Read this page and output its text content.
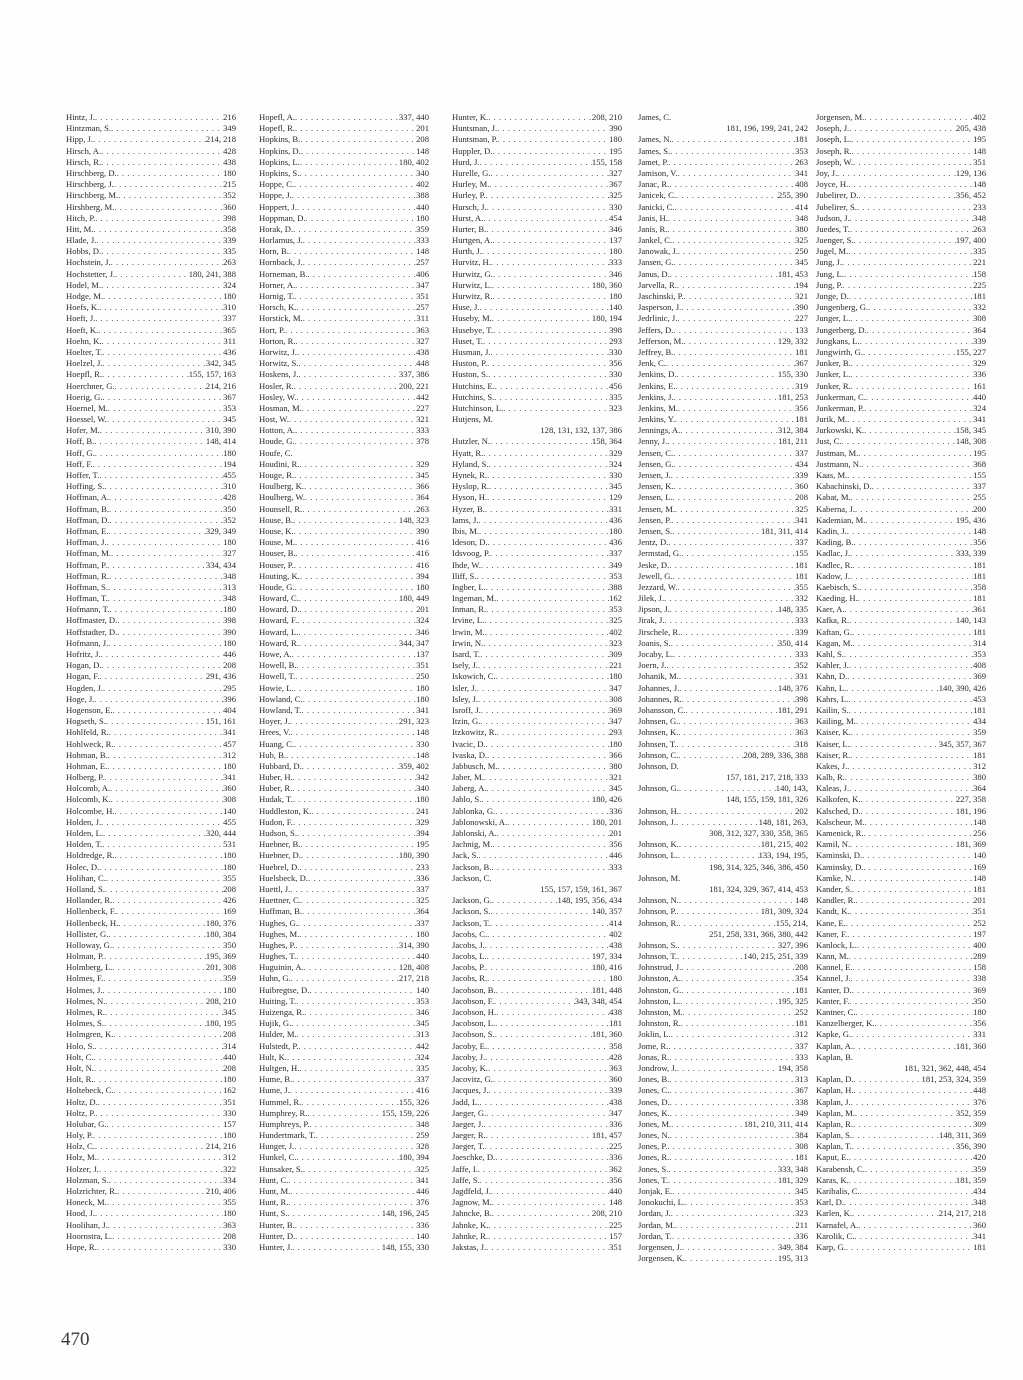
Hintz, J. . . .	216
Hintzman, S. . . .	349
Hipp, J. . . .	214, 218
Hirsch, A. . . .	428
Hirsch, R. . . .	438
Hirschberg, D. . . .	180
Hirschberg, J. . . .	215
Hirschberg, M. . . .	352
Hirshberg, M. . . .	360
Hitch, P. . . .	398
Hitt, M. . . .	358
Hlade, J. . . .	339
Hobbs, D. . . .	335
Hochstein, J. . . .	263
Hochstetter, J. . . .	180, 241, 388
Hodel, M. . . .	324
Hodge, M. . . .	180
Hoefs, K. . . .	310
Hoeft, J. . . .	337
Hoeft, K. . . .	365
Hoehn, K. . . .	311
Hoelter, T. . . .	436
Hoelzel, J. . . .	342, 345
Hoepfl, R. . . .	155, 157, 163
Hoerchner, G. . . .	214, 216
Hoerig, G. . . .	367
Hoernel, M. . . .	353
Hoessel, W. . . .	345
Hofer, M. . . .	310, 390
Hoff, B. . . .	148, 414
Hoff, G. . . .	180
Hoff, F. . . .	194
Hoffer, T. . . .	455
Hoffing, S. . . .	310
Hoffman, A. . . .	428
Hoffman, B. . . .	350
Hoffman, D. . . .	352
Hoffman, E. . . .	329, 349
Hoffman, J. . . .	180
Hoffman, M. . . .	327
Hoffman, P. . . .	334, 434
Hoffman, R. . . .	348
Hoffman, S. . . .	313
Hoffman, T. . . .	348
Hofmann, T. . . .	180
Hoffmaster, D. . . .	398
Hoffstadter, D. . . .	390
Hofmann, J. . . .	180
Hofritz, J. . . .	446
Hogan, D. . . .	208
Hogan, F. . . .	291, 436
Hogden, J. . . .	295
Hoge, J. . . .	396
Hogenson, E. . . .	404
Hogseth, S. . . .	151, 161
Hohlfeld, R. . . .	341
Hohlweck, R. . . .	457
Hohman, B. . . .	312
Hohman, E. . . .	180
Holberg, P. . . .	341
Holcomb, A. . . .	360
Holcomb, K. . . .	308
Holcombe, H. . . .	140
Holden, J. . . .	455
Holden, L. . . .	320, 444
Holden, T. . . .	531
Holdredge, R. . . .	180
Holec, D. . . .	180
Holihan, C. . . .	355
Holland, S. . . .	208
Hollander, R. . . .	426
Hollenbeck, F. . . .	169
Hollenbeck, H. . . .	180, 376
Hollister, G. . . .	180, 384
Holloway, G. . . .	350
Holman, P. . . .	195, 369
Holmberg, L. . . .	201, 308
Holmes, F. . . .	359
Holmes, J. . . .	180
Holmes, N. . . .	208, 210
Holmes, R. . . .	345
Holmes, S. . . .	180, 195
Holmgren, K. . . .	208
Holo, S. . . .	314
Holt, C. . . .	440
Holt, N. . . .	208
Holt, R. . . .	180
Holtebeck, C. . . .	162
Holtz, D. . . .	351
Holtz, P. . . .	330
Holubar, G. . . .	157
Holy, P. . . .	180
Holz, C. . . .	214, 216
Holz, M. . . .	312
Holzer, J. . . .	322
Holzman, S. . . .	334
Holzrichter, R. . . .	210, 406
Honeck, M. . . .	355
Hood, J. . . .	180
Hoolihan, J. . . .	363
Hoornstra, L. . . .	208
Hope, R. . . .	330
Hopefl, A. . . .	337, 440
Hopefl, R. . . .	201
Hopkins, B. . . .	208
Hopkins, D. . . .	148
Hopkins, L. . . .	180, 402
Hopkins, S. . . .	340
Hoppe, C. . . .	402
Hoppe, J. . . .	388
Hoppert, J. . . .	440
Hoppman, D. . . .	180
Horak, D. . . .	359
Horlamus, J. . . .	333
Horn, B. . . .	148
Hornback, J. . . .	257
Horneman, B. . . .	406
Horner, A. . . .	347
Hornig, T. . . .	351
Horsch, K. . . .	257
Horstick, M. . . .	311
Hort, P. . . .	363
Horton, R. . . .	327
Horwitz, J. . . .	438
Horwitz, S. . . .	448
Hoskens, J. . . .	337, 386
Hosler, R. . . .	200, 221
Hosley, W. . . .	442
Hosman, M. . . .	227
Host, W. . . .	321
Hotton, A. . . .	333
Houde, G. . . .	378
Houfe, C.
Houdini, R. . . .	329
Houge, R. . . .	345
Houlberg, K. . . .	366
Houlberg, W. . . .	364
Hounsell, R. . . .	263
House, B. . . .	148, 323
House, K. . . .	390
House, M. . . .	416
Houser, B. . . .	416
Houser, P. . . .	416
Houting, K. . . .	394
Houde, G. . . .	180
Howard, C. . . .	180, 449
Howard, D. . . .	201
Howard, F. . . .	324
Howard, L. . . .	346
Howard, R. . . .	344, 347
Howe, A. . . .	137
Howell, B. . . .	351
Howell, T. . . .	250
Howie, L. . . .	180
Howland, C. . . .	180
Howland, T. . . .	341
Hoyer, J. . . .	291, 323
Hrees, V. . . .	148
Huang, C. . . .	330
Hub, B. . . .	148
Hubbard, D. . . .	359, 402
Huber, H. . . .	342
Huber, R. . . .	340
Hudak, T. . . .	180
Huddleston, K. . . .	241
Hudon, F. . . .	329
Hudson, S. . . .	394
Huebner, B. . . .	195
Huebner, D. . . .	180, 390
Huebrel, D. . . .	233
Huelsbeck, D. . . .	336
Huettl, J. . . .	337
Huettner, C. . . .	325
Huffman, B. . . .	364
Hughes, G. . . .	337
Hughes, M. . . .	180
Hughes, P. . . .	314, 390
Hughes, T. . . .	440
Huguinin, A. . . .	128, 408
Huhn, G. . . .	217, 218
Huibregtse, D. . . .	140
Huiting, T. . . .	353
Huizenga, R. . . .	346
Hujik, G. . . .	345
Hulder, M. . . .	313
Hulstedt, P. . . .	442
Hult, K. . . .	324
Hultgen, H. . . .	335
Hume, B. . . .	337
Hume, J. . . .	416
Hummel, R. . . .	155, 326
Humphrey, R. . . .	155, 159, 226
Humphreys, P. . . .	348
Hundertmark, T. . . .	259
Hunger, J. . . .	328
Hunkel, C. . . .	180, 394
Hunsaker, S. . . .	325
Hunt, C. . . .	341
Hunt, M. . . .	446
Hunt, R. . . .	376
Hunt, S. . . .	148, 196, 245
Hunter, B. . . .	336
Hunter, D. . . .	140
Hunter, J. . . .	148, 155, 330
Hunter, K. . . .	208, 210
Huntsman, J. . . .	390
Huntsman, P. . . .	180
Huppler, D. . . .	195
Hurd, J. . . .	155, 158
Hurelle, G. . . .	327
Hurley, M. . . .	367
Hurley, P. . . .	325
Hursch, J. . . .	330
Hurst, A. . . .	454
Hurter, B. . . .	346
Hurtgen, A. . . .	137
Hurth, J. . . .	180
Hurvitz, H. . . .	333
Hurwitz, G. . . .	346
Hurwitz, L. . . .	180, 360
Hurwitz, R. . . .	180
Huse, J. . . .	140
Huseby, M. . . .	180, 194
Husebye, T. . . .	398
Huset, T. . . .	293
Husman, J. . . .	330
Huston, P. . . .	356
Huston, S. . . .	330
Hutchins, E. . . .	456
Hutchins, S. . . .	335
Hutchinson, L. . . .	323
Hutjens, M.
128, 131, 132, 137, 386
Hutzler, N. . . .	158, 364
Hyatt, R. . . .	329
Hyland, S. . . .	324
Hynek, R. . . .	330
Hyslop, R. . . .	345
Hyson, H. . . .	129
Hyzer, B. . . .	331
Iams, J. . . .	436
Ibis, M. . . .	180
Ideson, D. . . .	436
Idsvoog, P. . . .	337
Ihde, W. . . .	349
Iliff, S. . . .	353
Ingber, L. . . .	388
Ingeman, M. . . .	162
Inman, R. . . .	353
Irvine, L. . . .	325
Irwin, M. . . .	402
Irwin, N. . . .	323
Isard, T. . . .	309
Isely, J. . . .	221
Iskowich, C. . . .	180
Isler, J. . . .	347
Isley, J. . . .	308
Isroff, J. . . .	369
Itzin, G. . . .	347
Itzkowitz, R. . . .	293
Ivacic, D. . . .	180
Ivaska, D. . . .	366
Jabbusch, M. . . .	380
Jaber, M. . . .	321
Jaberg, A. . . .	345
Jablo, S. . . .	180, 426
Jablonka, G. . . .	336
Jablonowski, A. . . .	180, 201
Jablonski, A. . . .	201
Jachnig, M. . . .	356
Jack, S. . . .	446
Jackson, B. . . .	333
Jackson, C.
155, 157, 159, 161, 367
Jackson, G. . . .	148, 195, 356, 434
Jackson, S. . . .	140, 357
Jackson, T. . . .	414
Jacobs, C. . . .	402
Jacobs, J. . . .	438
Jacobs, L. . . .	197, 334
Jacobs, P. . . .	180, 416
Jacobs, R. . . .	180
Jacobson, B. . . .	181, 448
Jacobson, F. . . .	343, 348, 454
Jacobson, H. . . .	438
Jacobson, L. . . .	181
Jacobson, S. . . .	181, 360
Jacoby, E. . . .	358
Jacoby, J. . . .	428
Jacoby, K. . . .	363
Jacovitz, G. . . .	360
Jacques, J. . . .	339
Jadd, L. . . .	438
Jaeger, G. . . .	347
Jaeger, J. . . .	336
Jaeger, R. . . .	181, 457
Jaeger, T. . . .	225
Jaeschke, D. . . .	336
Jaffe, I. . . .	362
Jaffe, S. . . .	356
Jagdfeld, J. . . .	440
Jagnow, M. . . .	148
Jahncke, B. . . .	208, 210
Jahnke, K. . . .	225
Jahnke, R. . . .	157
Jakstas, J. . . .	351
James, C.
181, 196, 199, 241, 242
James, N. . . .	181
James, S. . . .	353
Jamet, P. . . .	263
Jamison, V. . . .	341
Janac, R. . . .	408
Janicek, C. . . .	255, 390
Janicki, C. . . .	414
Janis, H. . . .	348
Janis, R. . . .	380
Jankel, C. . . .	325
Janowak, J. . . .	250
Jansen, G. . . .	345
Janus, D. . . .	181, 453
Jarvella, R. . . .	194
Jaschinski, P. . . .	321
Jasperson, J. . . .	390
Jedrlinic, J. . . .	227
Jeffers, D. . . .	133
Jefferson, M. . . .	129, 332
Jeffrey, B. . . .	181
Jenk, C. . . .	367
Jenkins, D. . . .	155, 330
Jenkins, E. . . .	319
Jenkins, J. . . .	181, 253
Jenkins, M. . . .	356
Jenkins, Y. . . .	181
Jennings, A. . . .	312, 384
Jenny, J. . . .	181, 211
Jensen, C. . . .	337
Jensen, G. . . .	434
Jensen, J. . . .	339
Jensen, K. . . .	360
Jensen, L. . . .	208
Jensen, M. . . .	325
Jensen, P. . . .	341
Jensen, S. . . .	181, 311, 414
Jentz, D. . . .	337
Jermstad, G. . . .	155
Jeske, D. . . .	181
Jewell, G. . . .	181
Jezzard, W. . . .	355
Jilek, J. . . .	332
Jipson, J. . . .	148, 335
Jirak, J. . . .	333
Jirschele, R. . . .	339
Joanis, S. . . .	350, 414
Jocaby, L. . . .	333
Joern, J. . . .	352
Johanik, M. . . .	331
Johannes, J. . . .	148, 376
Johannes, R. . . .	398
Johansson, C. . . .	181, 291
Johnsen, G. . . .	363
Johnsen, K. . . .	363
Johnsen, T. . . .	318
Johnson, C. . . .	208, 289, 336, 388
Johnson, D.
157, 181, 217, 218, 333
Johnson, G. . . .	140, 143,
148, 155, 159, 181, 326
Johnson, H. . . .	202
Johnson, J. . . .	148, 181, 263,
308, 312, 327, 330, 358, 365
Johnson, K. . . .	181, 215, 402
Johnson, L. . . .	133, 194, 195,
198, 314, 325, 346, 386, 450
Johnson, M.
181, 324, 329, 367, 414, 453
Johnson, N. . . .	148
Johnson, P. . . .	181, 309, 324
Johnson, R. . . .	155, 214,
251, 258, 331, 366, 380, 442
Johnson, S. . . .	327, 396
Johnson, T. . . .	140, 215, 251, 339
Johnstrud, J. . . .	208
Johnston, A. . . .	354
Johnston, G. . . .	181
Johnston, L. . . .	195, 325
Johnston, M. . . .	252
Johnston, R. . . .	181
Joklin, L. . . .	312
Jome, R. . . .	337
Jonas, R. . . .	333
Jondrow, J. . . .	194, 358
Jones, B. . . .	313
Jones, C. . . .	367
Jones, D. . . .	338
Jones, K. . . .	349
Jones, M. . . .	181, 210, 311, 414
Jones, N. . . .	384
Jones, P. . . .	308
Jones, R. . . .	181
Jones, S. . . .	333, 348
Jones, T. . . .	181, 329
Jonjak, E. . . .	345
Jonokuchi, L. . . .	353
Jordan, J. . . .	323
Jordan, M. . . .	211
Jordan, T. . . .	336
Jorgensen, J. . . .	349, 384
Jorgensen, K. . . .	195, 313
Jorgensen, M. . . .	402
Joseph, J. . . .	205, 438
Joseph, L. . . .	195
Joseph, R. . . .	148
Joseph, W. . . .	351
Joy, J. . . .	129, 136
Joyce, H. . . .	148
Jubelirer, D. . . .	356, 452
Jubelirer, S. . . .	233
Judson, J. . . .	348
Juedes, T. . . .	263
Juenger, S. . . .	197, 400
Jugel, M. . . .	335
Jung, J. . . .	221
Jung, L. . . .	158
Jung, P. . . .	225
Junge, D. . . .	181
Jungenberg, G. . . .	332
Junger, L. . . .	308
Jungerberg, D. . . .	364
Jungkans, L. . . .	339
Jungwirth, G. . . .	155, 227
Junker, B. . . .	329
Junker, L. . . .	336
Junker, R. . . .	161
Junkerman, C. . . .	440
Junkerman, P. . . .	324
Jurik, M. . . .	341
Jurkowski, K. . . .	158, 345
Just, C. . . .	148, 308
Justman, M. . . .	195
Justmann, N. . . .	368
Kaas, M. . . .	155
Kabachinski, D. . . .	337
Kabat, M. . . .	255
Kaberna, J. . . .	200
Kademian, M. . . .	195, 436
Kadin, J. . . .	148
Kading, B. . . .	356
Kadlac, J. . . .	333, 339
Kadlec, R. . . .	181
Kadow, J. . . .	181
Kaebisch, S. . . .	358
Kaeding, H. . . .	181
Kaer, A. . . .	361
Kafka, R. . . .	140, 143
Kaftan, G. . . .	181
Kagan, M. . . .	314
Kahl, S. . . .	353
Kahler, J. . . .	408
Kahn, D. . . .	369
Kahn, L. . . .	140, 390, 426
Kahrs, L. . . .	453
Kailin, S. . . .	181
Kailing, M. . . .	434
Kaiser, K. . . .	359
Kaiser, L. . . .	345, 357, 367
Kaiser, R. . . .	181
Kakes, J. . . .	312
Kalb, R. . . .	380
Kaleas, J. . . .	364
Kalkofen, K. . . .	227, 358
Kalsched, D. . . .	181, 196
Kalscheur, M. . . .	148
Kamenick, R. . . .	256
Kamil, N. . . .	181, 369
Kaminski, D. . . .	140
Kaminsky, D. . . .	169
Kamke, N. . . .	148
Kander, S. . . .	181
Kandler, R. . . .	201
Kandt, K. . . .	351
Kane, E. . . .	252
Kaner, F. . . .	197
Kanlock, L. . . .	400
Kann, M. . . .	289
Kannel, E. . . .	158
Kannel, J. . . .	338
Kanter, D. . . .	369
Kanter, F. . . .	350
Kantner, C. . . .	180
Kanzelberger, K. . . .	356
Kapke, G. . . .	331
Kaplan, A. . . .	181, 360
Kaplan, B.
181, 321, 362, 448, 454
Kaplan, D. . . .	181, 253, 324, 359
Kaplan, H. . . .	448
Kaplan, J. . . .	376
Kaplan, M. . . .	352, 359
Kaplan, R. . . .	309
Kaplan, S. . . .	148, 311, 369
Kaplan, T. . . .	356, 390
Kaput, E. . . .	420
Karabensh, C. . . .	359
Karas, K. . . .	181, 359
Karibalis, C. . . .	434
Karl, D. . . .	348
Karlen, K. . . .	214, 217, 218
Karnafel, A. . . .	360
Karolik, C. . . .	341
Karp, G. . . .	181
470
